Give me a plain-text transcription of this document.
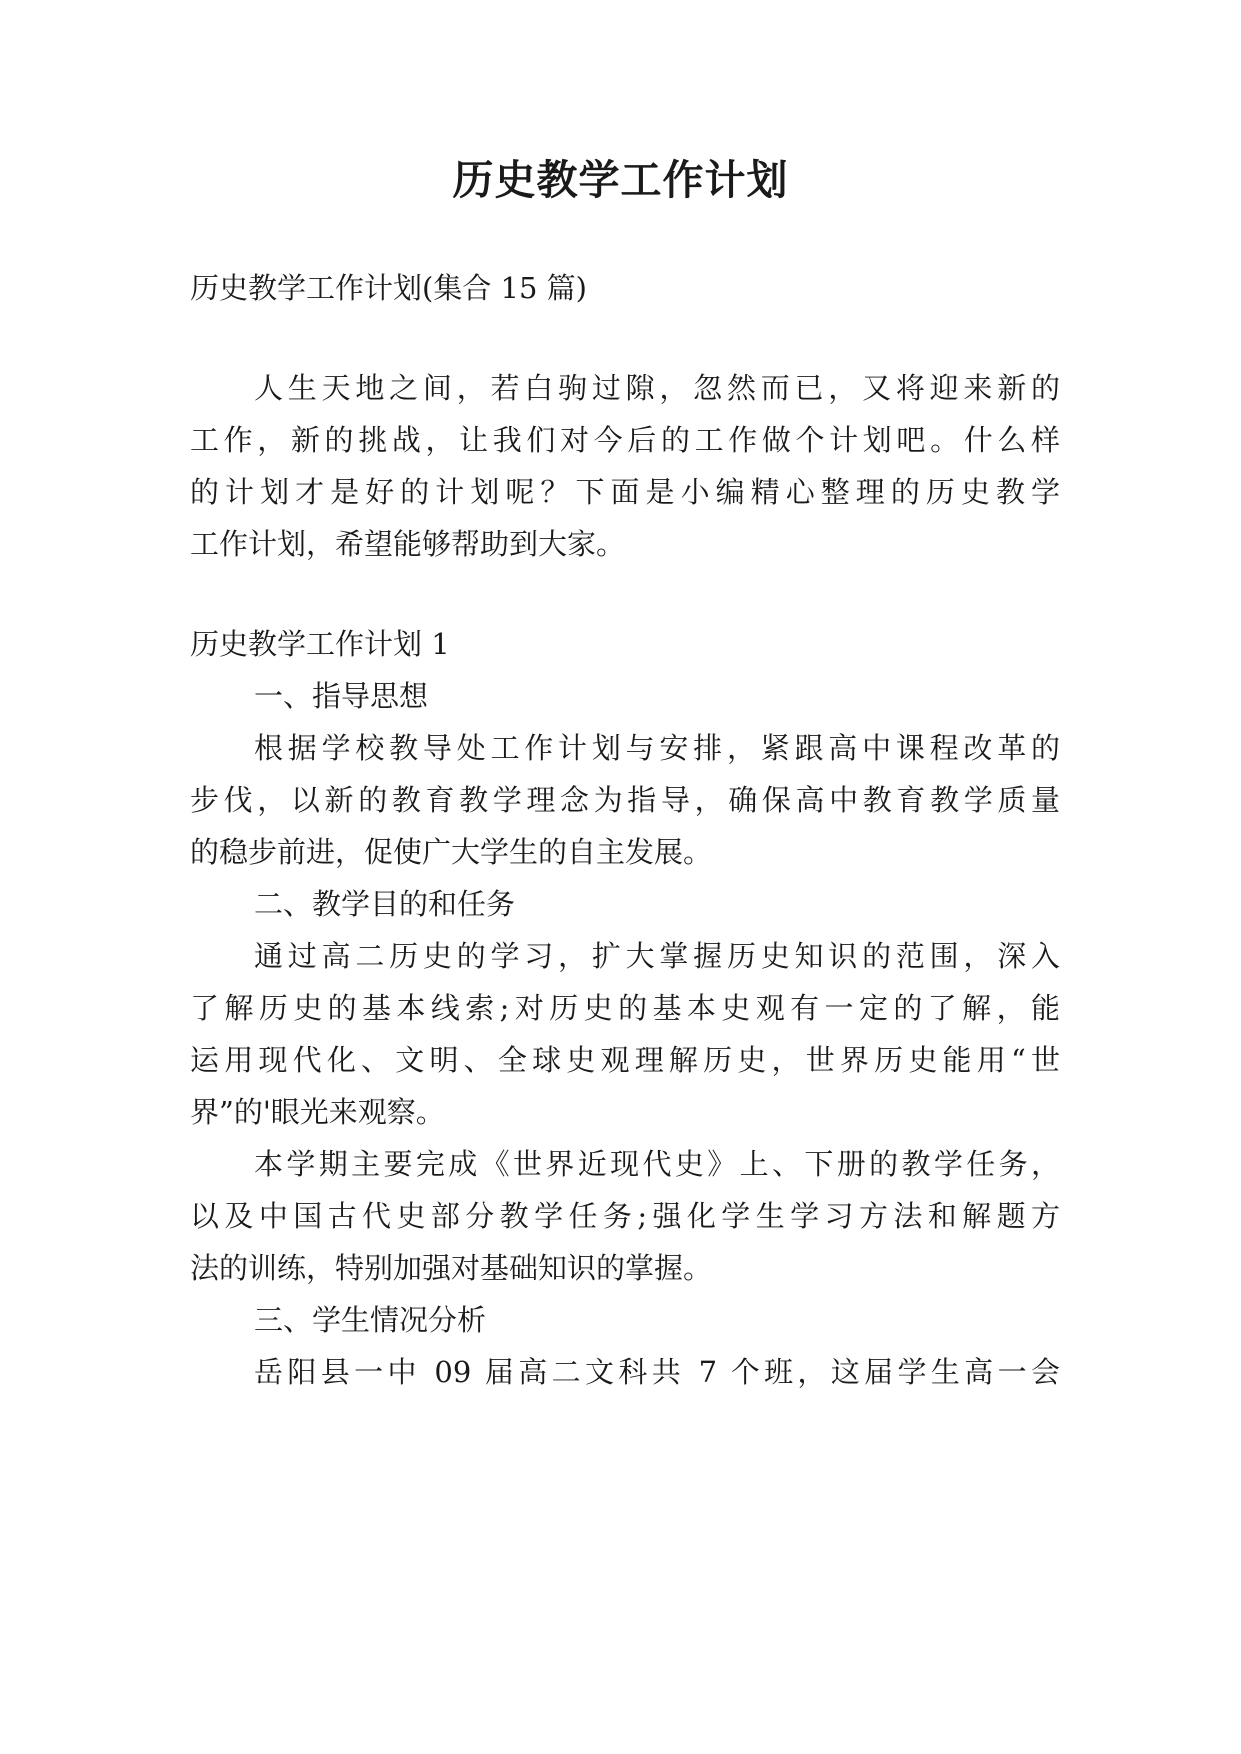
历史教学工作计划

历史教学工作计划(集合 15 篇)

人生天地之间，若白驹过隙，忽然而已，又将迎来新的

工作，新的挑战，让我们对今后的工作做个计划吧。什么样

的计划才是好的计划呢？下面是小编精心整理的历史教学

工作计划，希望能够帮助到大家。

历史教学工作计划 1

一、指导思想

根据学校教导处工作计划与安排，紧跟高中课程改革的

步伐，以新的教育教学理念为指导，确保高中教育教学质量

的稳步前进，促使广大学生的自主发展。

二、教学目的和任务

通过高二历史的学习，扩大掌握历史知识的范围，深入

了解历史的基本线索;对历史的基本史观有一定的了解，能

运用现代化、文明、全球史观理解历史，世界历史能用“世

界”的'眼光来观察。

本学期主要完成《世界近现代史》上、下册的教学任务，

以及中国古代史部分教学任务;强化学生学习方法和解题方

法的训练，特别加强对基础知识的掌握。

三、学生情况分析

岳阳县一中 09 届高二文科共 7 个班，这届学生高一会
